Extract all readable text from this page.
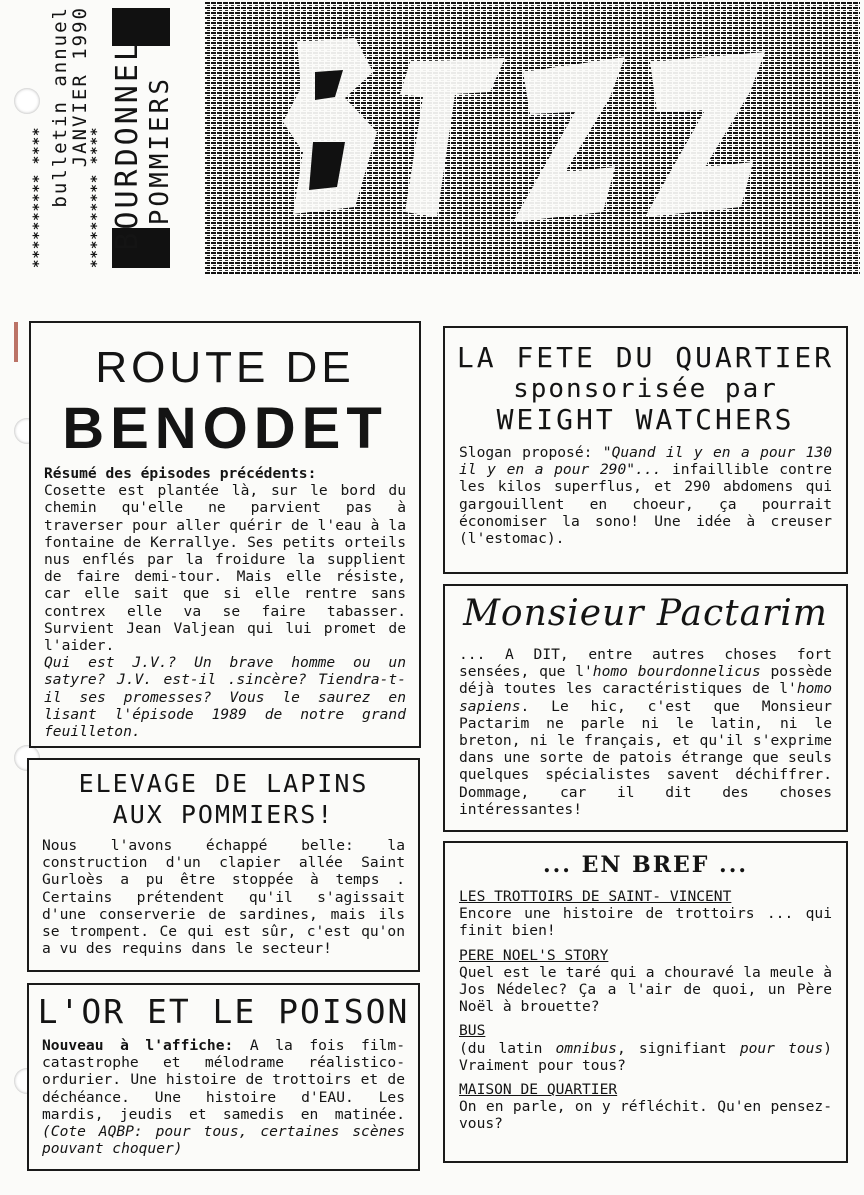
********** **** bulletin annuel
JANVIER 1990
********** **** BOURDONNEL POMMIERS
ROUTE DE
BENODET

Résumé des épisodes précédents:

Cosette est plantée là, sur le bord du chemin qu'elle ne parvient pas à traverser pour aller quérir de l'eau à la fontaine de Kerrallye. Ses petits orteils nus enflés par la froidure la supplient de faire demi-tour. Mais elle résiste, car elle sait que si elle rentre sans contrex elle va se faire tabasser. Survient Jean Valjean qui lui promet de l'aider.

Qui est J.V.? Un brave homme ou un satyre? J.V. est-il .sincère? Tiendra-t-il ses promesses? Vous le saurez en lisant l'épisode 1989 de notre grand feuilleton.

ELEVAGE DE LAPINS
AUX POMMIERS!

Nous l'avons échappé belle: la construction d'un clapier allée Saint Gurloès a pu être stoppée à temps . Certains prétendent qu'il s'agissait d'une conserverie de sardines, mais ils se trompent. Ce qui est sûr, c'est qu'on a vu des requins dans le secteur!

L'OR ET LE POISON

Nouveau à l'affiche: A la fois film-catastrophe et mélodrame réalistico-ordurier. Une histoire de trottoirs et de déchéance. Une histoire d'EAU. Les mardis, jeudis et samedis en matinée. (Cote AQBP: pour tous, certaines scènes pouvant choquer)

LA FETE DU QUARTIER
sponsorisée par
WEIGHT WATCHERS

Slogan proposé: "Quand il y en a pour 130 il y en a pour 290"... infaillible contre les kilos superflus, et 290 abdomens qui gargouillent en choeur, ça pourrait économiser la sono! Une idée à creuser (l'estomac).

Monsieur Pactarim

... A DIT, entre autres choses fort sensées, que l'homo bourdonnelicus possède déjà toutes les caractéristiques de l'homo sapiens. Le hic, c'est que Monsieur Pactarim ne parle ni le latin, ni le breton, ni le français, et qu'il s'exprime dans une sorte de patois étrange que seuls quelques spécialistes savent déchiffrer. Dommage, car il dit des choses intéressantes!

... EN BREF ...

LES TROTTOIRS DE SAINT- VINCENT

Encore une histoire de trottoirs ... qui finit bien!

PERE NOEL'S STORY

Quel est le taré qui a chouravé la meule à Jos Nédelec? Ça a l'air de quoi, un Père Noël à brouette?

BUS

(du latin omnibus, signifiant pour tous) Vraiment pour tous?

MAISON DE QUARTIER

On en parle, on y réfléchit. Qu'en pensez-vous?
